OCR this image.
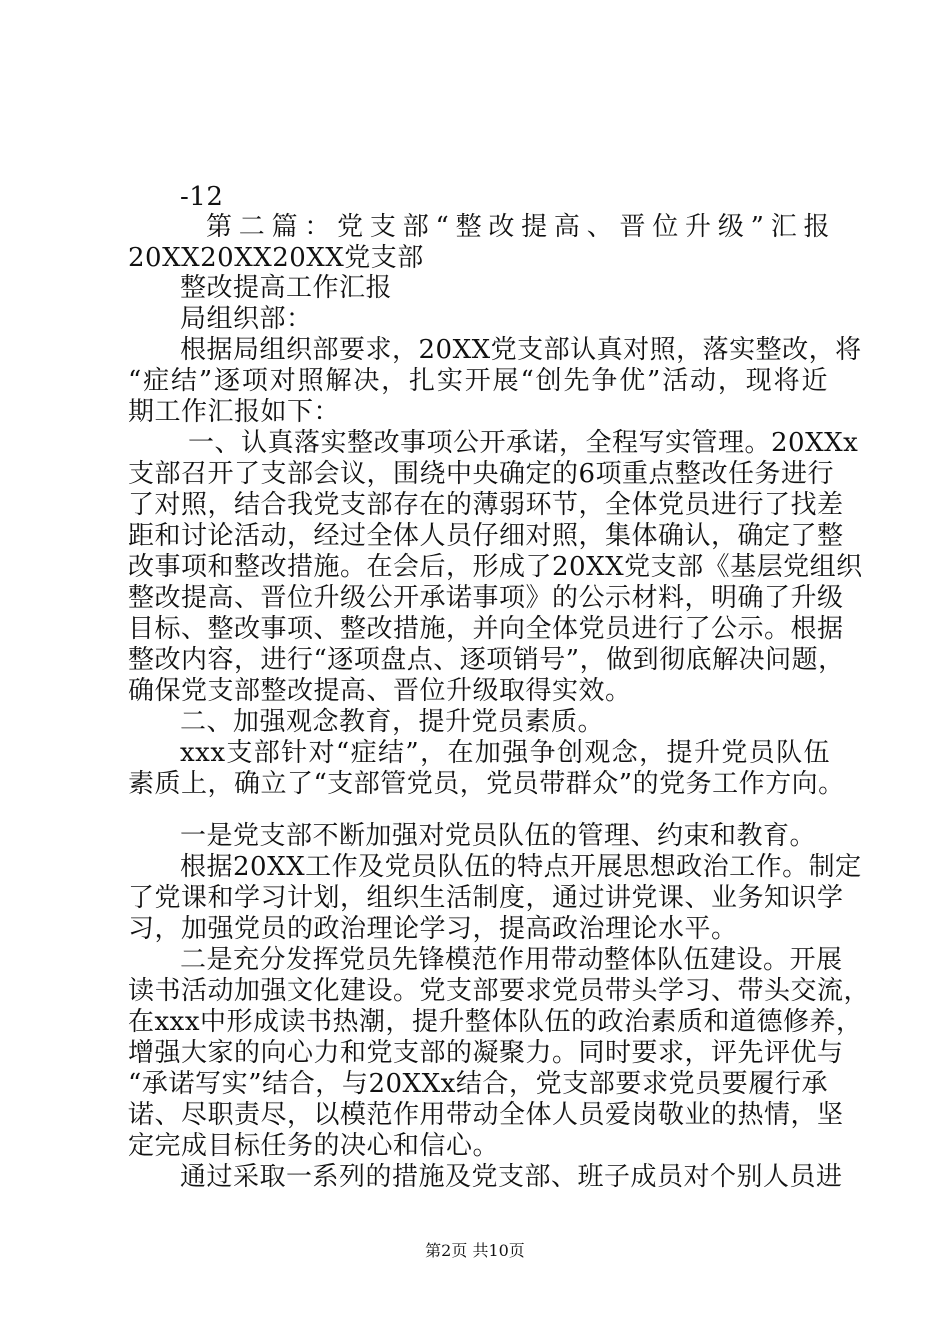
-12
第二篇：党支部“整改提高、晋位升级”汇报
20XX20XX20XX党支部
整改提高工作汇报
局组织部：
根据局组织部要求，20XX党支部认真对照，落实整改，将
“症结”逐项对照解决，扎实开展“创先争优”活动，现将近
期工作汇报如下：
一、认真落实整改事项公开承诺，全程写实管理。20XXx
支部召开了支部会议，围绕中央确定的6项重点整改任务进行
了对照，结合我党支部存在的薄弱环节，全体党员进行了找差
距和讨论活动，经过全体人员仔细对照，集体确认，确定了整
改事项和整改措施。在会后，形成了20XX党支部《基层党组织
整改提高、晋位升级公开承诺事项》的公示材料，明确了升级
目标、整改事项、整改措施，并向全体党员进行了公示。根据
整改内容，进行“逐项盘点、逐项销号”，做到彻底解决问题，
确保党支部整改提高、晋位升级取得实效。
二、加强观念教育，提升党员素质。
xxx支部针对“症结”，在加强争创观念，提升党员队伍
素质上，确立了“支部管党员，党员带群众”的党务工作方向。
一是党支部不断加强对党员队伍的管理、约束和教育。
根据20XX工作及党员队伍的特点开展思想政治工作。制定
了党课和学习计划，组织生活制度，通过讲党课、业务知识学
习，加强党员的政治理论学习，提高政治理论水平。
二是充分发挥党员先锋模范作用带动整体队伍建设。开展
读书活动加强文化建设。党支部要求党员带头学习、带头交流，
在xxx中形成读书热潮，提升整体队伍的政治素质和道德修养，
增强大家的向心力和党支部的凝聚力。同时要求，评先评优与
“承诺写实”结合，与20XXx结合，党支部要求党员要履行承
诺、尽职责尽，以模范作用带动全体人员爱岗敬业的热情，坚
定完成目标任务的决心和信心。
通过采取一系列的措施及党支部、班子成员对个别人员进
第2页 共10页
